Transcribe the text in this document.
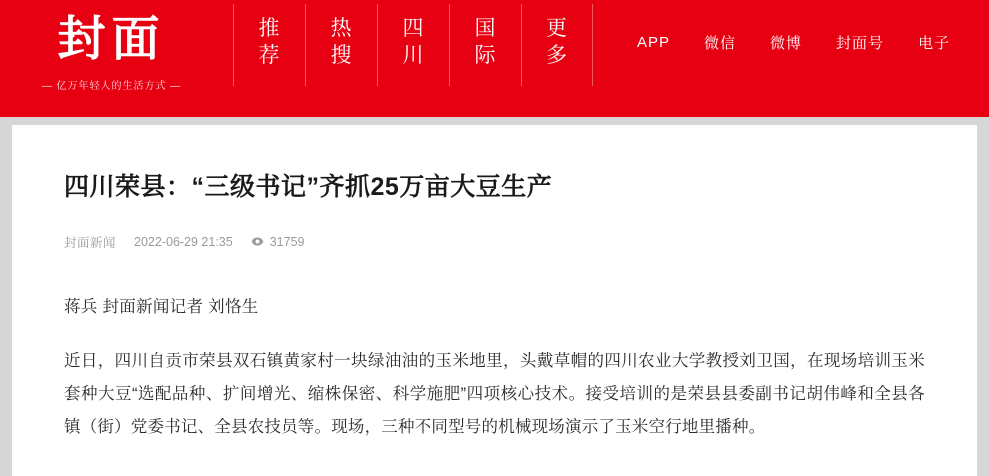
封面
— 亿万年轻人的生活方式 —
推
荐
热
搜
四
川
国
际
更
多
APP 微信 微博 封面号 电子
四川荣县：“三级书记”齐抓25万亩大豆生产
封面新闻 2022-06-29 21:35	31759
蒋兵 封面新闻记者 刘恪生

近日，四川自贡市荣县双石镇黄家村一块绿油油的玉米地里，头戴草帽的四川农业大学教授刘卫国，在现场培训玉米套种大豆“选配品种、扩间增光、缩株保密、科学施肥”四项核心技术。接受培训的是荣县县委副书记胡伟峰和全县各镇（街）党委书记、全县农技员等。现场，三种不同型号的机械现场演示了玉米空行地里播种。
